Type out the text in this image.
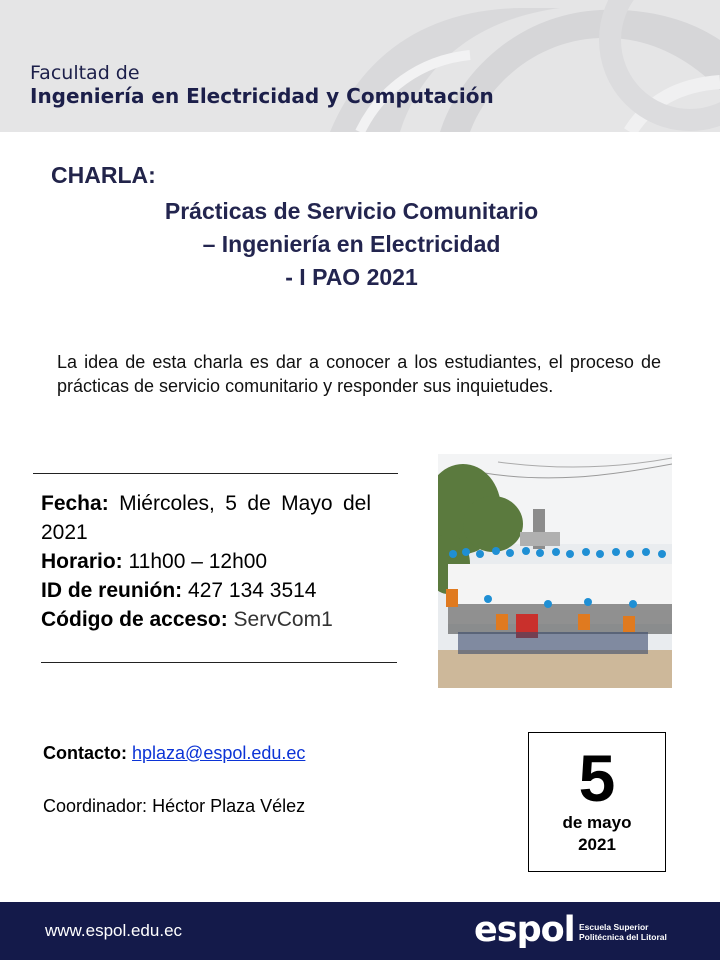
Facultad de
Ingeniería en Electricidad y Computación
CHARLA:
Prácticas de Servicio Comunitario
– Ingeniería en Electricidad
- I PAO 2021
La idea de esta charla es dar a conocer a los estudiantes, el proceso de prácticas de servicio comunitario y responder sus inquietudes.
Fecha: Miércoles, 5 de Mayo del 2021
Horario: 11h00 – 12h00
ID de reunión: 427 134 3514
Código de acceso: ServCom1
Contacto: hplaza@espol.edu.ec
Coordinador: Héctor Plaza Vélez	5
de mayo
2021
www.espol.edu.ec	espol Escuela Superior
Politécnica del Litoral
